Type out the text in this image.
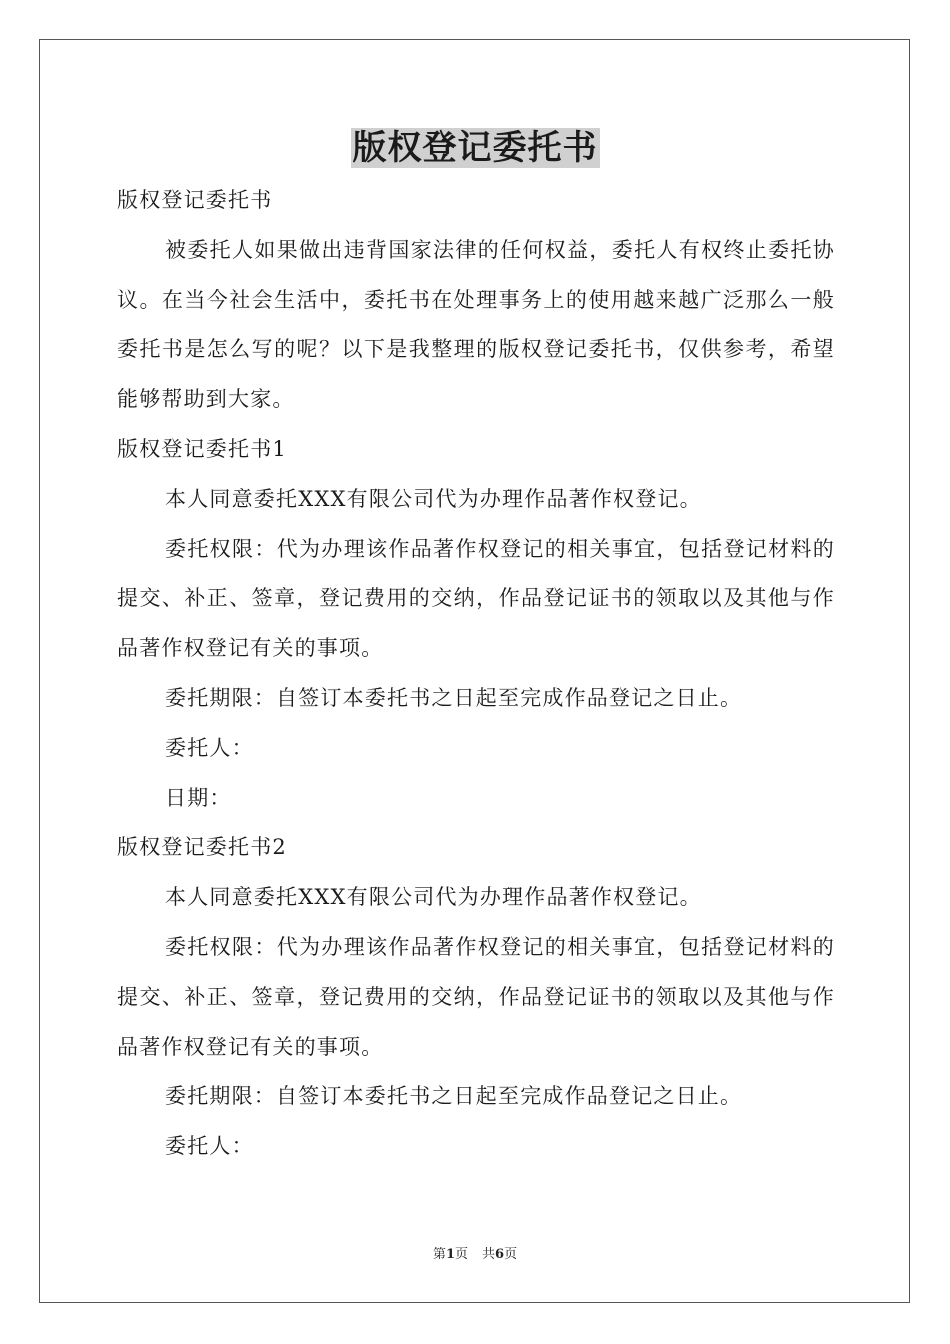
版权登记委托书

版权登记委托书

被委托人如果做出违背国家法律的任何权益，委托人有权终止委托协议。在当今社会生活中，委托书在处理事务上的使用越来越广泛那么一般委托书是怎么写的呢？以下是我整理的版权登记委托书，仅供参考，希望能够帮助到大家。

版权登记委托书1

本人同意委托XXX有限公司代为办理作品著作权登记。

委托权限：代为办理该作品著作权登记的相关事宜，包括登记材料的提交、补正、签章，登记费用的交纳，作品登记证书的领取以及其他与作品著作权登记有关的事项。

委托期限：自签订本委托书之日起至完成作品登记之日止。

委托人：

日期：

版权登记委托书2

本人同意委托XXX有限公司代为办理作品著作权登记。

委托权限：代为办理该作品著作权登记的相关事宜，包括登记材料的提交、补正、签章，登记费用的交纳，作品登记证书的领取以及其他与作品著作权登记有关的事项。

委托期限：自签订本委托书之日起至完成作品登记之日止。

委托人：

第1页 共6页
